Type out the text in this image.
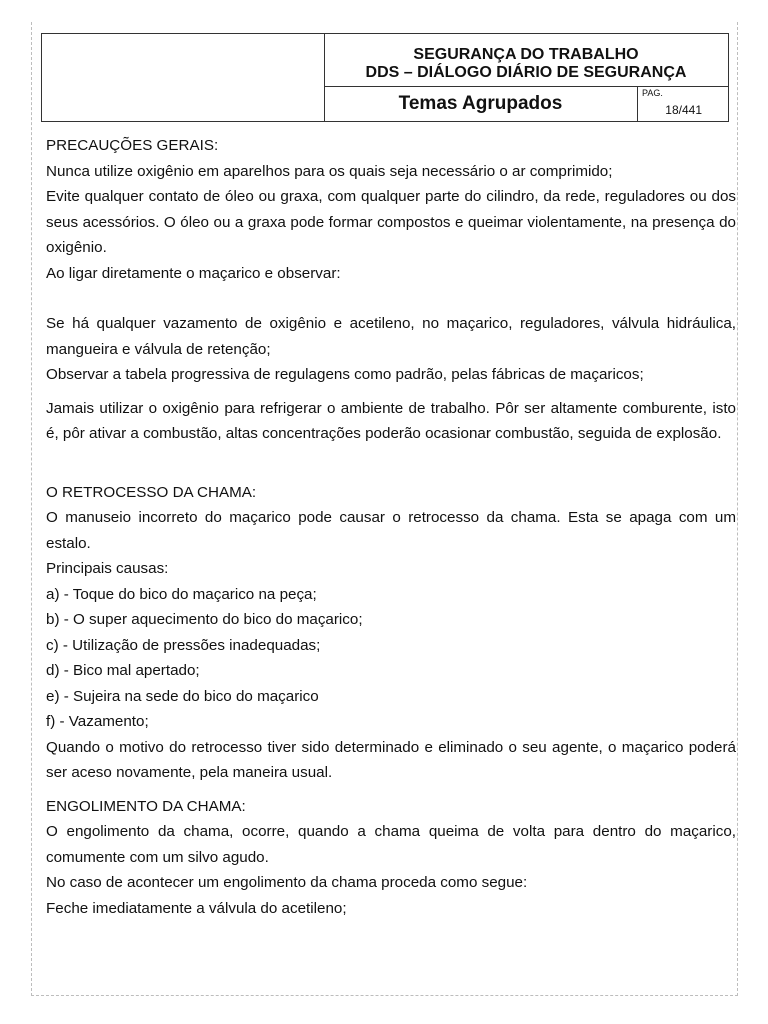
SEGURANÇA DO TRABALHO
DDS – DIÁLOGO DIÁRIO DE SEGURANÇA
Temas Agrupados	PAG.
18/441

PRECAUÇÕES GERAIS:

Nunca utilize oxigênio em aparelhos para os quais seja necessário o ar comprimido;

Evite qualquer contato de óleo ou graxa, com qualquer parte do cilindro, da rede, reguladores ou dos seus acessórios. O óleo ou a graxa pode formar compostos e queimar violentamente, na presença do oxigênio.

Ao ligar diretamente o maçarico e observar:

Se há qualquer vazamento de oxigênio e acetileno, no maçarico, reguladores, válvula hidráulica, mangueira e válvula de retenção;

Observar a tabela progressiva de regulagens como padrão, pelas fábricas de maçaricos;

Jamais utilizar o oxigênio para refrigerar o ambiente de trabalho. Pôr ser altamente comburente, isto é, pôr ativar a combustão, altas concentrações poderão ocasionar combustão, seguida de explosão.

O RETROCESSO DA CHAMA:

O manuseio incorreto do maçarico pode causar o retrocesso da chama. Esta se apaga com um estalo.

Principais causas:

a) - Toque do bico do maçarico na peça;

b) - O super aquecimento do bico do maçarico;

c) - Utilização de pressões inadequadas;

d) - Bico mal apertado;

e) - Sujeira na sede do bico do maçarico

f) - Vazamento;

Quando o motivo do retrocesso tiver sido determinado e eliminado o seu agente, o maçarico poderá ser aceso novamente, pela maneira usual.

ENGOLIMENTO DA CHAMA:

O engolimento da chama, ocorre, quando a chama queima de volta para dentro do maçarico, comumente com um silvo agudo.

No caso de acontecer um engolimento da chama proceda como segue:

Feche imediatamente a válvula do acetileno;
